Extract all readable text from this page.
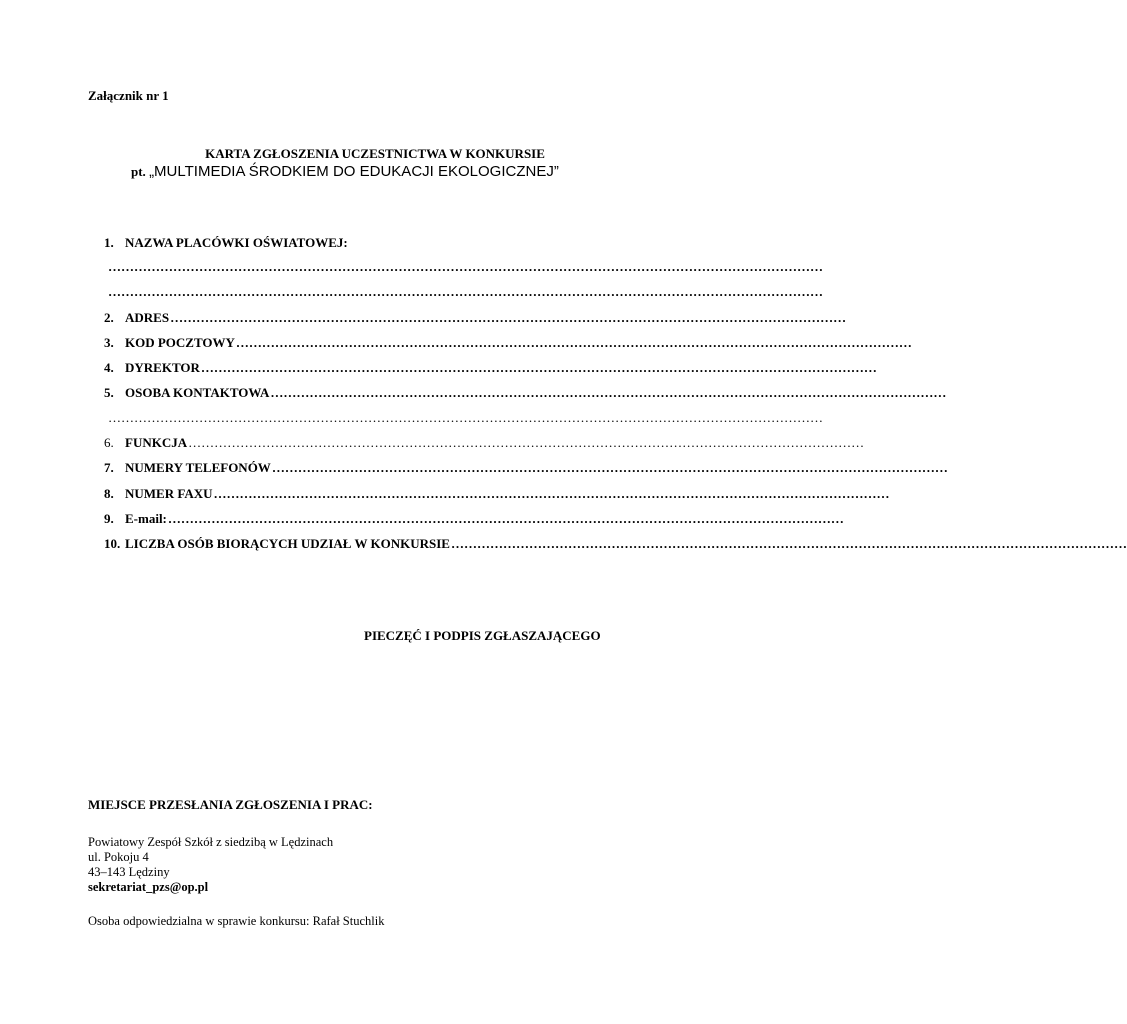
Załącznik nr 1
KARTA ZGŁOSZENIA UCZESTNICTWA W KONKURSIE
pt. „MULTIMEDIA ŚRODKIEM DO EDUKACJI EKOLOGICZNEJ”
1. NAZWA PLACÓWKI OŚWIATOWEJ:
…………………………………………………………………………………………………………………………………………………
…………………………………………………………………………………………………………………………………………………
2. ADRES …………………………………………………………………………………………………………………………………………
3. KOD POCZTOWY …………………………………………………………………………………………………………………………………………
4. DYREKTOR …………………………………………………………………………………………………………………………………………
5. OSOBA KONTAKTOWA …………………………………………………………………………………………………………………………………………
…………………………………………………………………………………………………………………………………………………
6. FUNKCJA …………………………………………………………………………………………………………………………………………
7. NUMERY TELEFONÓW …………………………………………………………………………………………………………………………………………
8. NUMER FAXU …………………………………………………………………………………………………………………………………………
9. E-mail: …………………………………………………………………………………………………………………………………………
10. LICZBA OSÓB BIORĄCYCH UDZIAŁ W KONKURSIE …………………………………………………………………………………………………………………………………………
PIECZĘĆ I PODPIS ZGŁASZAJĄCEGO
MIEJSCE PRZESŁANIA ZGŁOSZENIA I PRAC:
Powiatowy Zespół Szkół z siedzibą w Lędzinach
ul. Pokoju 4
43–143 Lędziny
sekretariat_pzs@op.pl
Osoba odpowiedzialna w sprawie konkursu: Rafał Stuchlik
